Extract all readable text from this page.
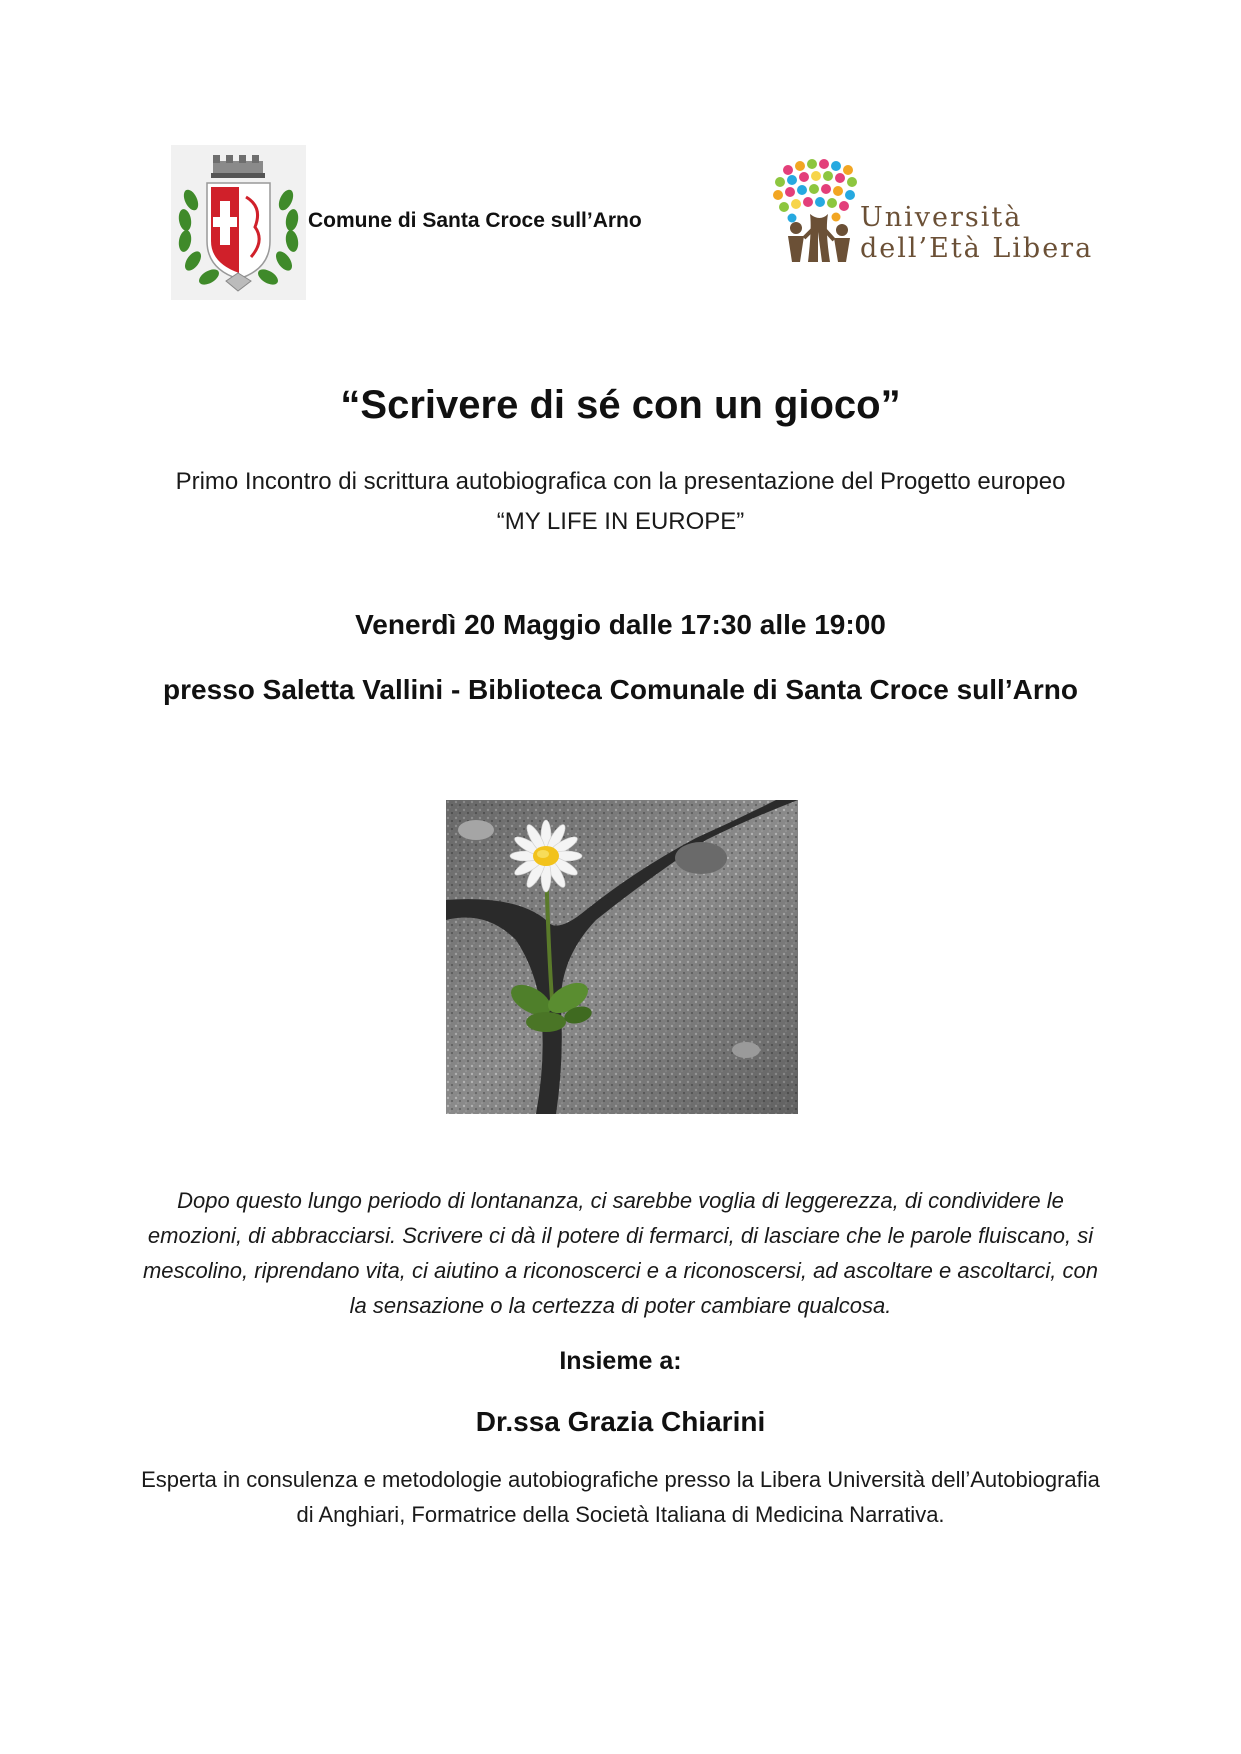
Comune di Santa Croce sull’Arno	Università
dell’Età Libera
“Scrivere di sé con un gioco”
Primo Incontro di scrittura autobiografica con la presentazione del Progetto europeo
“MY LIFE IN EUROPE”
Venerdì 20 Maggio dalle 17:30 alle 19:00
presso Saletta Vallini - Biblioteca Comunale di Santa Croce sull’Arno
Dopo questo lungo periodo di lontananza, ci sarebbe voglia di leggerezza, di condividere le
emozioni, di abbracciarsi. Scrivere ci dà il potere di fermarci, di lasciare che le parole fluiscano, si
mescolino, riprendano vita, ci aiutino a riconoscerci e a riconoscersi, ad ascoltare e ascoltarci, con
la sensazione o la certezza di poter cambiare qualcosa.
Insieme a:
Dr.ssa Grazia Chiarini
Esperta in consulenza e metodologie autobiografiche presso la Libera Università dell’Autobiografia
di Anghiari, Formatrice della Società Italiana di Medicina Narrativa.
